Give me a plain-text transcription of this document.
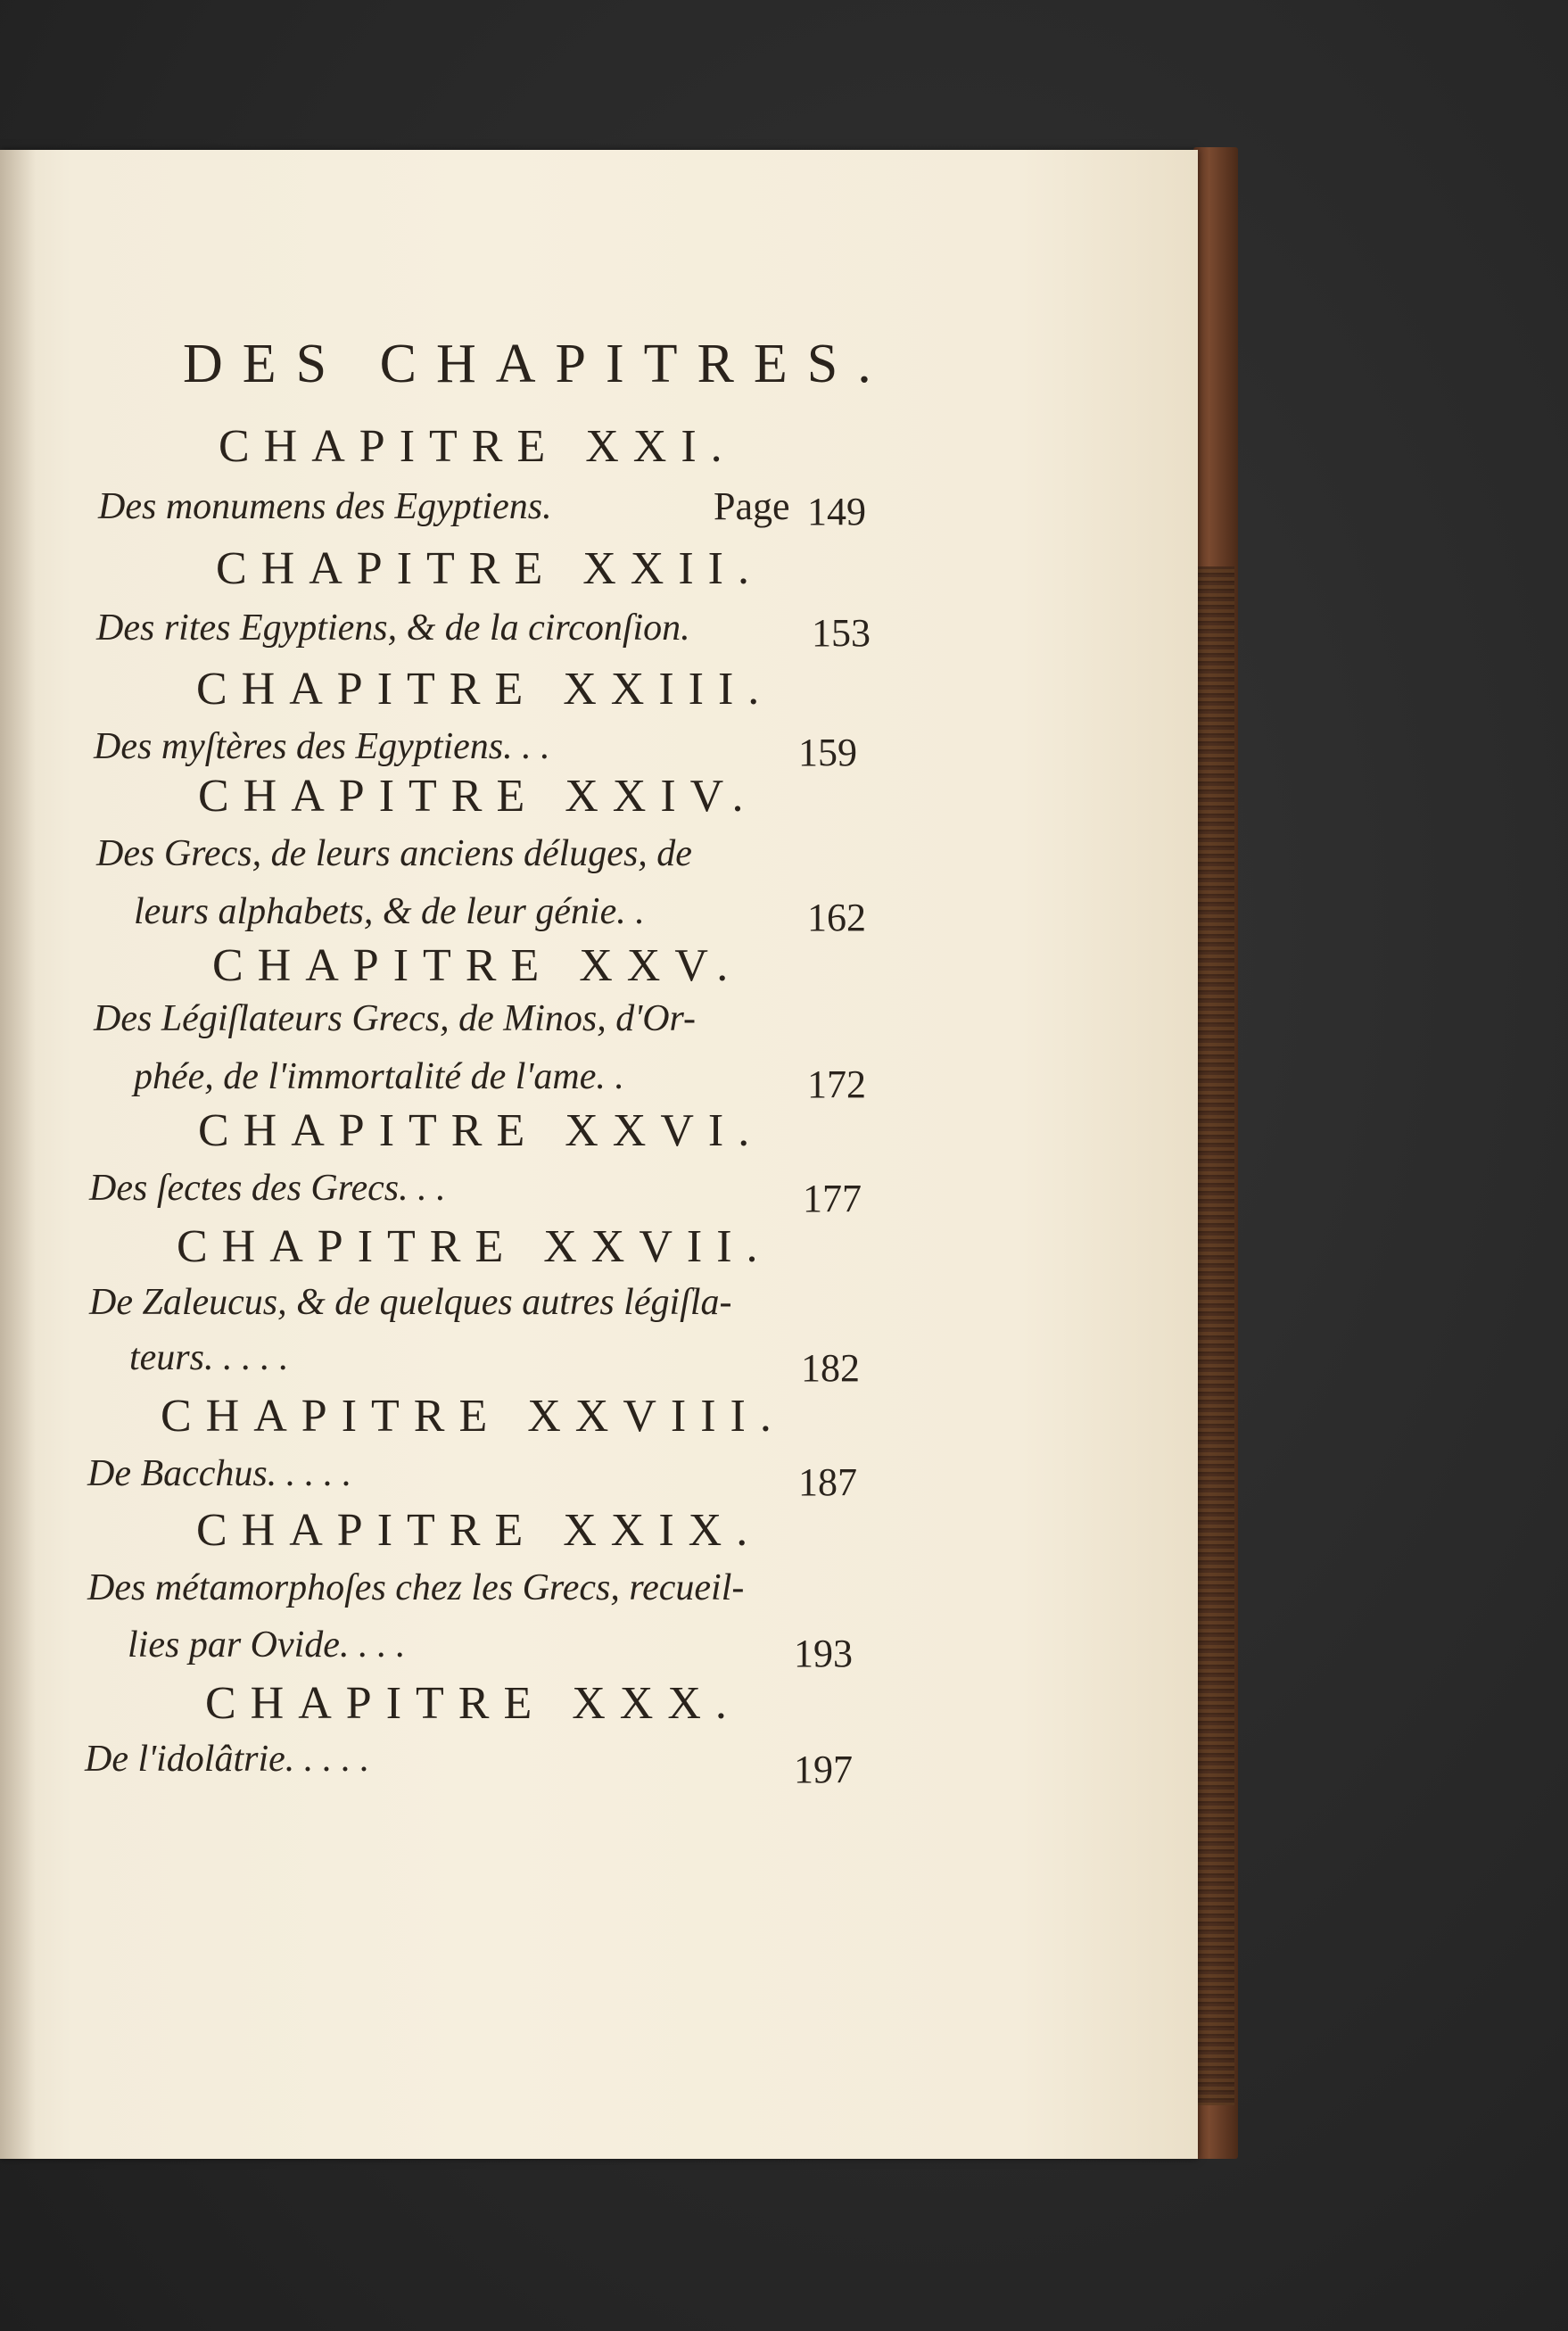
DES CHAPITRES.
CHAPITRE XXI.
Des monumens des Egyptiens.	Page 149
CHAPITRE XXII.
Des rites Egyptiens, & de la circonſion.	153
CHAPITRE XXIII.
Des myſtères des Egyptiens. . .	159
CHAPITRE XXIV.
Des Grecs, de leurs anciens déluges, de
leurs alphabets, & de leur génie. .	162
CHAPITRE XXV.
Des Légiſlateurs Grecs, de Minos, d'Or-
phée, de l'immortalité de l'ame. .	172
CHAPITRE XXVI.
Des ſectes des Grecs. . .	177
CHAPITRE XXVII.
De Zaleucus, & de quelques autres légiſla-
teurs. . . . .	182
CHAPITRE XXVIII.
De Bacchus. . . . .	187
CHAPITRE XXIX.
Des métamorphoſes chez les Grecs, recueil-
lies par Ovide. . . .	193
CHAPITRE XXX.
De l'idolâtrie. . . . .	197
